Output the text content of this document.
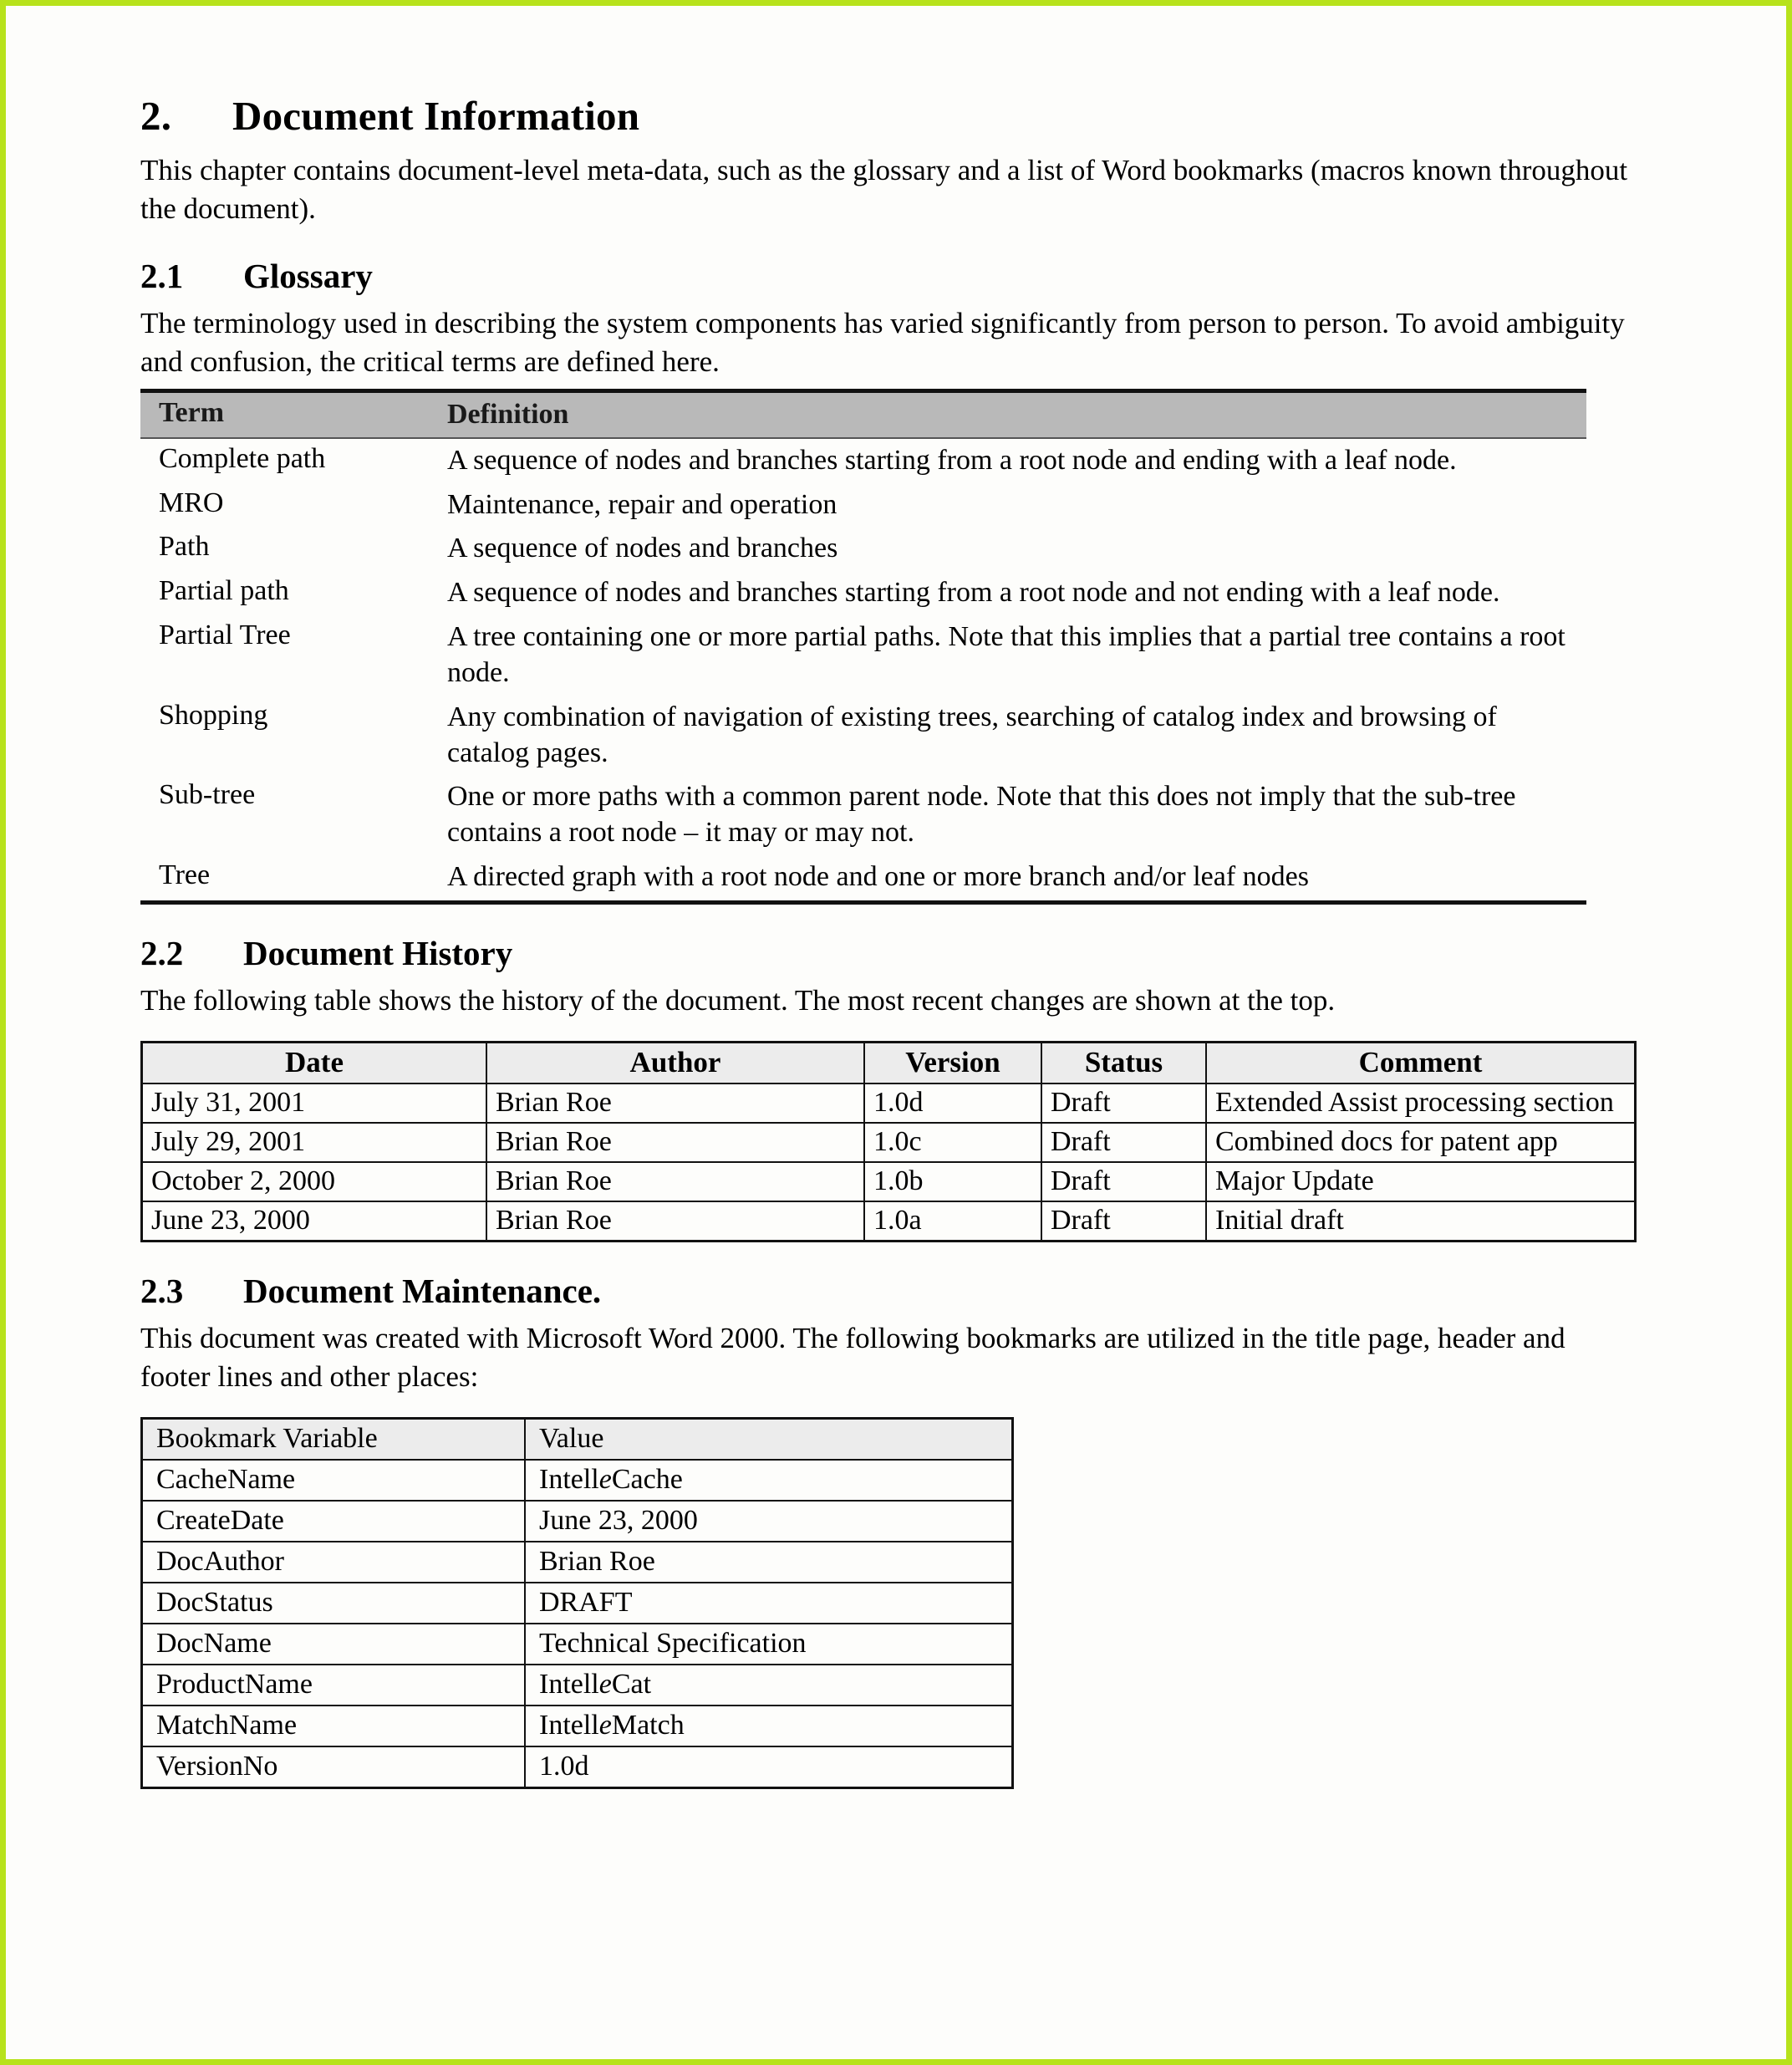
2. Document Information

This chapter contains document-level meta-data, such as the glossary and a list of Word bookmarks (macros known throughout the document).

2.1 Glossary

The terminology used in describing the system components has varied significantly from person to person. To avoid ambiguity and confusion, the critical terms are defined here.

Term	Definition
Complete path	A sequence of nodes and branches starting from a root node and ending with a leaf node.
MRO	Maintenance, repair and operation
Path	A sequence of nodes and branches
Partial path	A sequence of nodes and branches starting from a root node and not ending with a leaf node.
Partial Tree	A tree containing one or more partial paths. Note that this implies that a partial tree contains a root node.
Shopping	Any combination of navigation of existing trees, searching of catalog index and browsing of catalog pages.
Sub-tree	One or more paths with a common parent node. Note that this does not imply that the sub-tree contains a root node – it may or may not.
Tree	A directed graph with a root node and one or more branch and/or leaf nodes
2.2 Document History

The following table shows the history of the document. The most recent changes are shown at the top.

Date	Author	Version	Status	Comment
July 31, 2001	Brian Roe	1.0d	Draft	Extended Assist processing section
July 29, 2001	Brian Roe	1.0c	Draft	Combined docs for patent app
October 2, 2000	Brian Roe	1.0b	Draft	Major Update
June 23, 2000	Brian Roe	1.0a	Draft	Initial draft
2.3 Document Maintenance.

This document was created with Microsoft Word 2000. The following bookmarks are utilized in the title page, header and footer lines and other places:

Bookmark Variable	Value
CacheName	IntelleCache
CreateDate	June 23, 2000
DocAuthor	Brian Roe
DocStatus	DRAFT
DocName	Technical Specification
ProductName	IntelleCat
MatchName	IntelleMatch
VersionNo	1.0d
